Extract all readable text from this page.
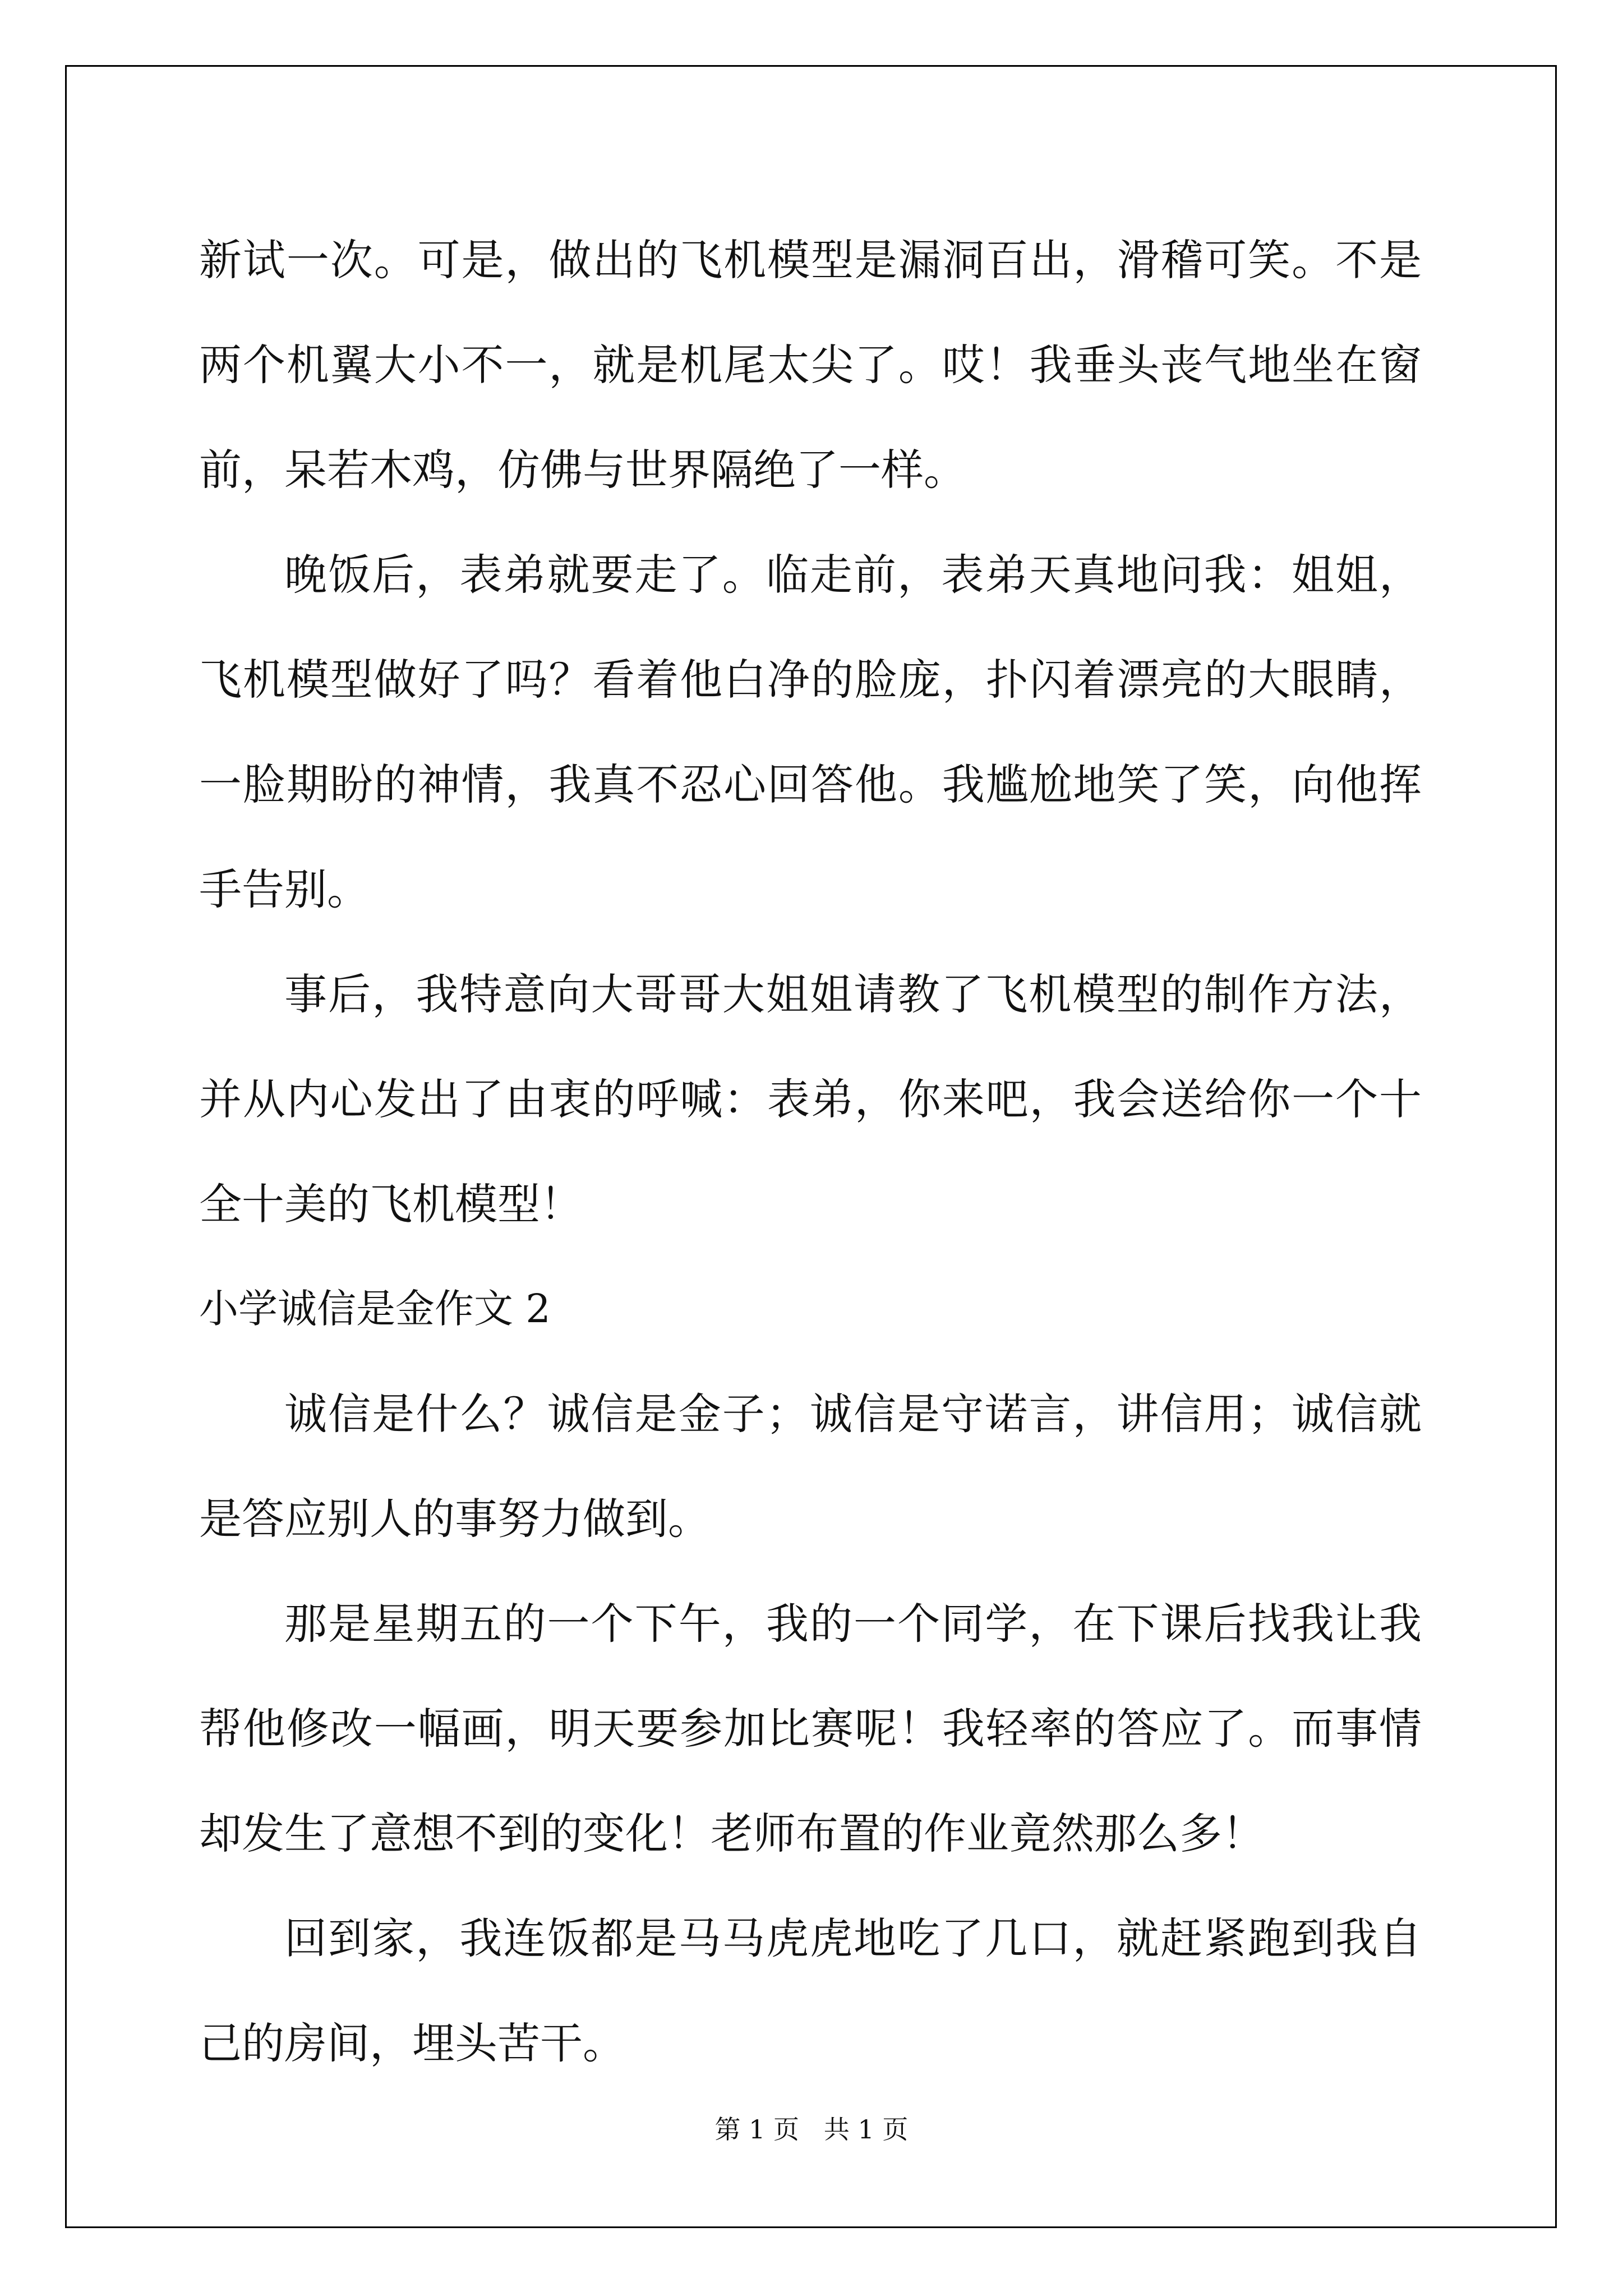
新试一次。可是，做出的飞机模型是漏洞百出，滑稽可笑。不是两个机翼大小不一，就是机尾太尖了。哎！我垂头丧气地坐在窗前，呆若木鸡，仿佛与世界隔绝了一样。

晚饭后，表弟就要走了。临走前，表弟天真地问我：姐姐，飞机模型做好了吗？看着他白净的脸庞，扑闪着漂亮的大眼睛，一脸期盼的神情，我真不忍心回答他。我尴尬地笑了笑，向他挥手告别。

事后，我特意向大哥哥大姐姐请教了飞机模型的制作方法，并从内心发出了由衷的呼喊：表弟，你来吧，我会送给你一个十全十美的飞机模型！

小学诚信是金作文 2

诚信是什么？诚信是金子；诚信是守诺言，讲信用；诚信就是答应别人的事努力做到。

那是星期五的一个下午，我的一个同学，在下课后找我让我帮他修改一幅画，明天要参加比赛呢！我轻率的答应了。而事情却发生了意想不到的变化！老师布置的作业竟然那么多！

回到家，我连饭都是马马虎虎地吃了几口，就赶紧跑到我自己的房间，埋头苦干。

第 1 页   共 1 页
